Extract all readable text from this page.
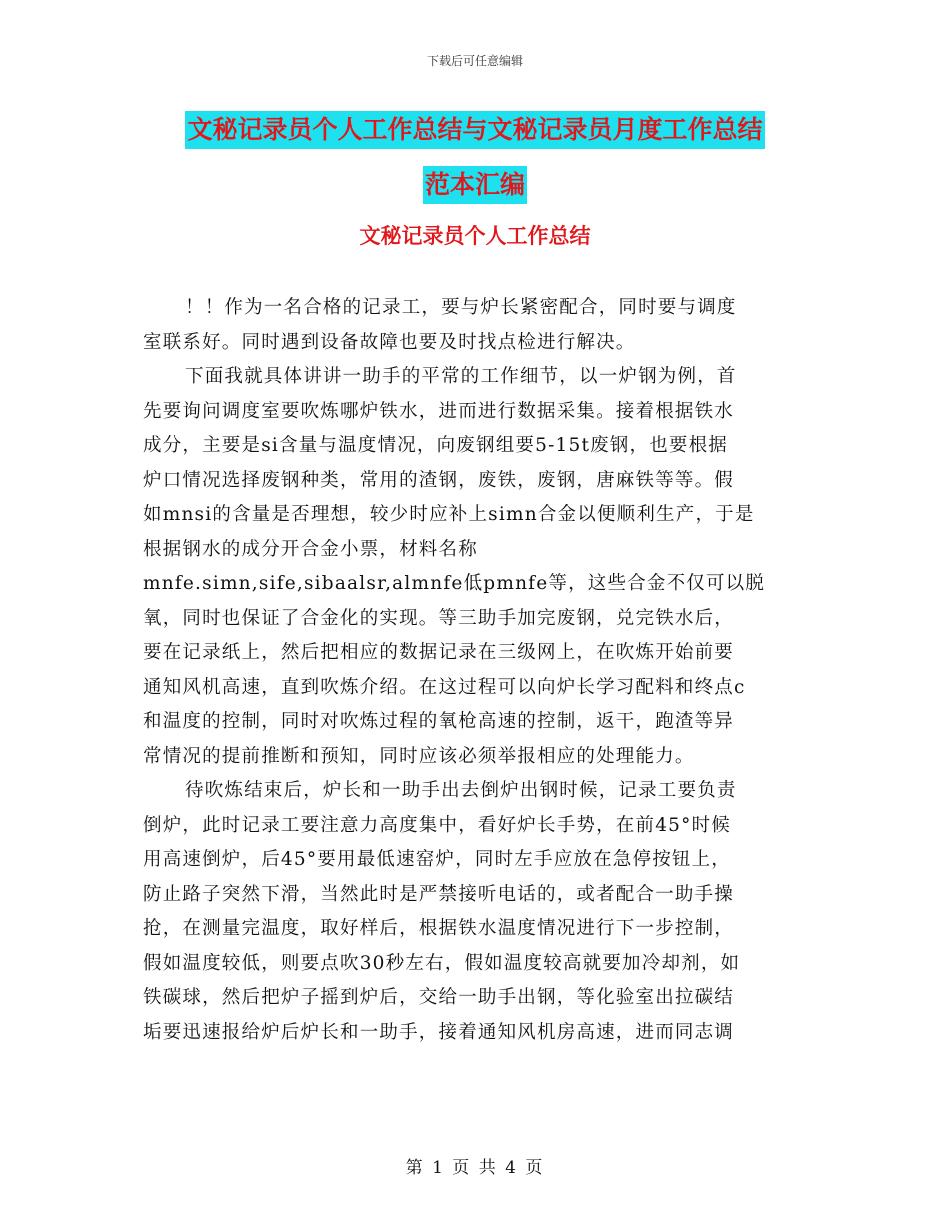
下载后可任意编辑
文秘记录员个人工作总结与文秘记录员月度工作总结
范本汇编
文秘记录员个人工作总结

！！作为一名合格的记录工，要与炉长紧密配合，同时要与调度
室联系好。同时遇到设备故障也要及时找点检进行解决。

下面我就具体讲讲一助手的平常的工作细节，以一炉钢为例，首
先要询问调度室要吹炼哪炉铁水，进而进行数据采集。接着根据铁水
成分，主要是si含量与温度情况，向废钢组要5-15t废钢，也要根据
炉口情况选择废钢种类，常用的渣钢，废铁，废钢，唐麻铁等等。假
如mnsi的含量是否理想，较少时应补上simn合金以便顺利生产，于是
根据钢水的成分开合金小票，材料名称
mnfe.simn,sife,sibaalsr,almnfe低pmnfe等，这些合金不仅可以脱
氧，同时也保证了合金化的实现。等三助手加完废钢，兑完铁水后，
要在记录纸上，然后把相应的数据记录在三级网上，在吹炼开始前要
通知风机高速，直到吹炼介绍。在这过程可以向炉长学习配料和终点c
和温度的控制，同时对吹炼过程的氧枪高速的控制，返干，跑渣等异
常情况的提前推断和预知，同时应该必须举报相应的处理能力。

待吹炼结束后，炉长和一助手出去倒炉出钢时候，记录工要负责
倒炉，此时记录工要注意力高度集中，看好炉长手势，在前45°时候
用高速倒炉，后45°要用最低速窑炉，同时左手应放在急停按钮上，
防止路子突然下滑，当然此时是严禁接听电话的，或者配合一助手操
抢，在测量完温度，取好样后，根据铁水温度情况进行下一步控制，
假如温度较低，则要点吹30秒左右，假如温度较高就要加冷却剂，如
铁碳球，然后把炉子摇到炉后，交给一助手出钢，等化验室出拉碳结
垢要迅速报给炉后炉长和一助手，接着通知风机房高速，进而同志调

第 1 页 共 4 页
